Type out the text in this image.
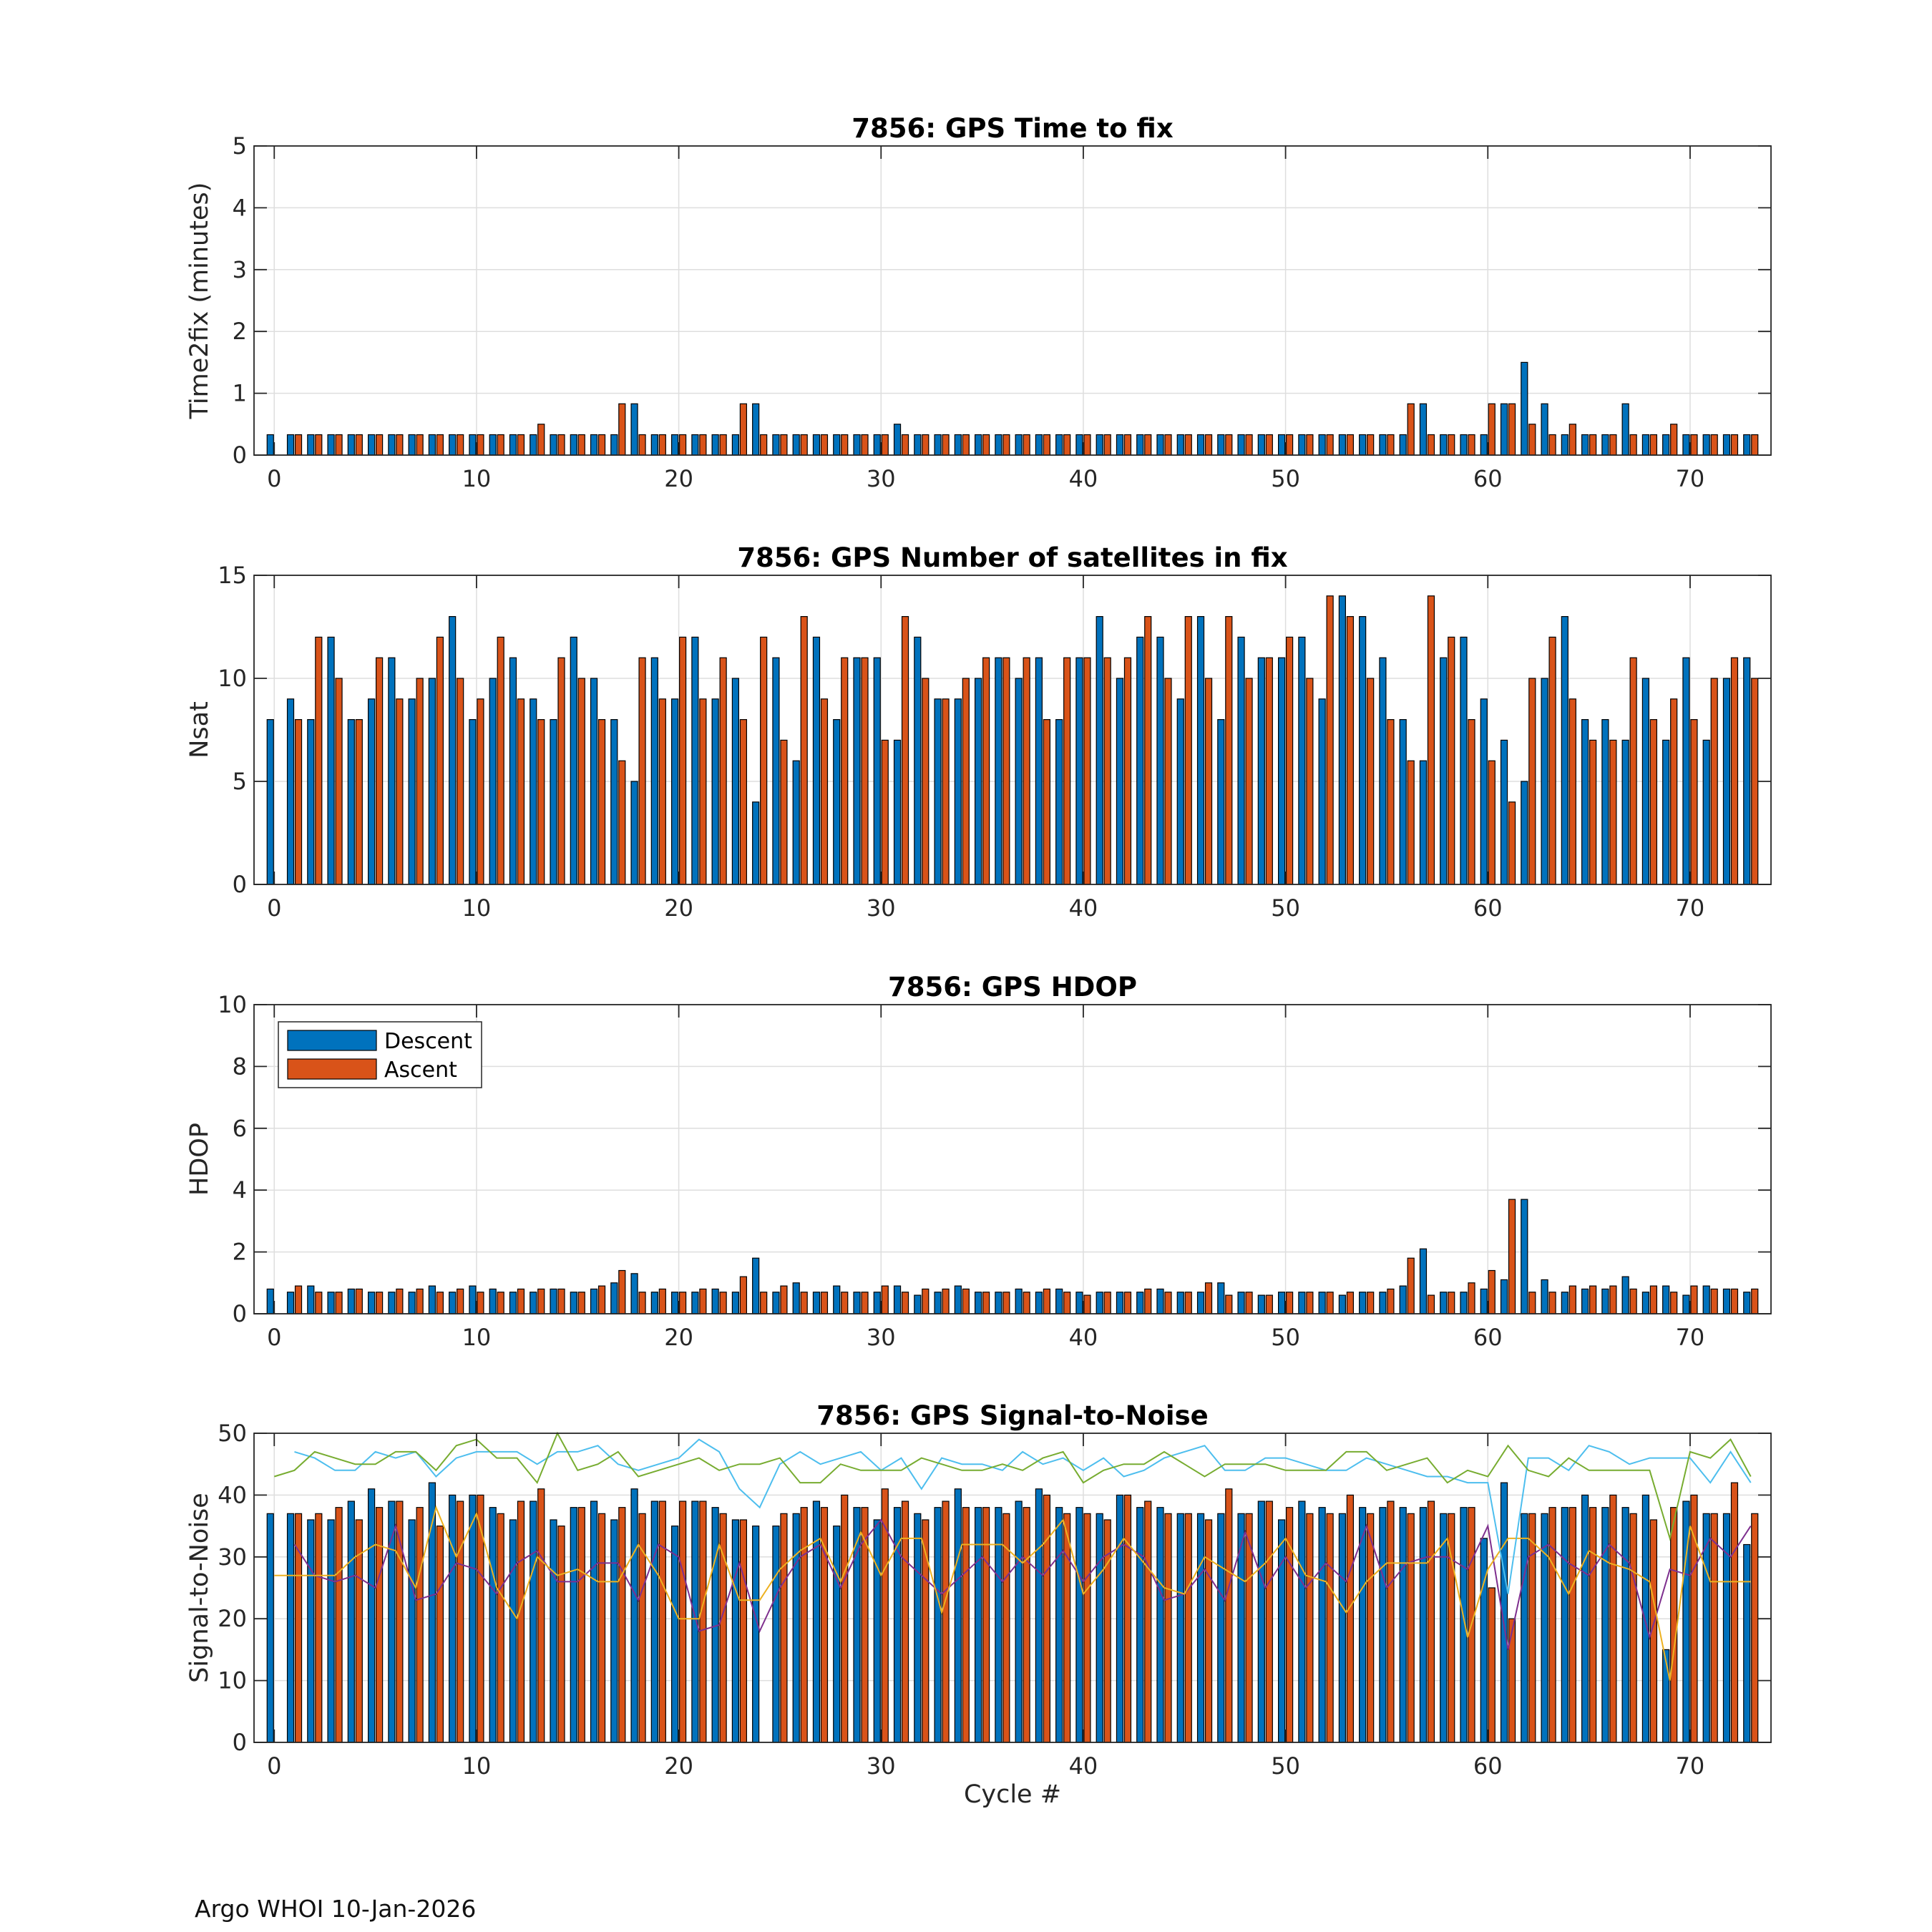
0	10	20	30	40	50	60	70
0
1
2
3
4
5
7856: GPS Time to fix
Time2fix (minutes)
0	10	20	30	40	50	60	70
0
5
10
15
7856: GPS Number of satellites in fix
Nsat
0	10	20	30	40	50	60	70
0
2
4
6
8
10
7856: GPS HDOP
HDOP
Descent
Ascent
0	10	20	30	40	50	60	70
0
10
20
30
40
50
7856: GPS Signal-to-Noise
Signal-to-Noise
Cycle #
Argo WHOI 10-Jan-2026
